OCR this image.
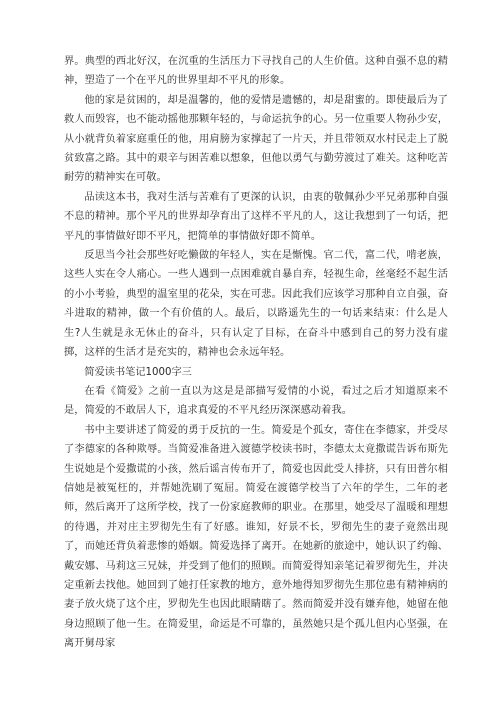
界。典型的西北好汉，在沉重的生活压力下寻找自己的人生价值。这种自强不息的精神，塑造了一个在平凡的世界里却不平凡的形象。

他的家是贫困的，却是温馨的，他的爱情是遗憾的，却是甜蜜的。即使最后为了救人而毁容，也不能动摇他那颗年轻的，与命运抗争的心。另一位重要人物孙少安，从小就背负着家庭重任的他，用肩膀为家撑起了一片天，并且带领双水村民走上了脱贫致富之路。其中的艰辛与困苦难以想象，但他以勇气与勤劳渡过了难关。这种吃苦耐劳的精神实在可敬。

品读这本书，我对生活与苦难有了更深的认识，由衷的敬佩孙少平兄弟那种自强不息的精神。那个平凡的世界却孕育出了这样不平凡的人，这让我想到了一句话，把平凡的事情做好即不平凡，把简单的事情做好即不简单。

反思当今社会那些好吃懒做的年轻人，实在是惭愧。官二代，富二代，啃老族，这些人实在令人痛心。一些人遇到一点困难就自暴自弃，轻视生命，丝毫经不起生活的小小考验，典型的温室里的花朵，实在可悲。因此我们应该学习那种自立自强，奋斗进取的精神，做一个有价值的人。最后，以路遥先生的一句话来结束：什么是人生?人生就是永无休止的奋斗，只有认定了目标，在奋斗中感到自己的努力没有虚掷，这样的生活才是充实的，精神也会永远年轻。

简爱读书笔记1000字三

在看《简爱》之前一直以为这是是部描写爱情的小说，看过之后才知道原来不是，简爱的不敢居人下，追求真爱的不平凡经历深深感动着我。

书中主要讲述了简爱的勇于反抗的一生。简爱是个孤女，寄住在李德家，并受尽了李德家的各种欺辱。当简爱准备进入渡德学校读书时，李德太太竟撒谎告诉布斯先生说她是个爱撒谎的小孩，然后谣言传布开了，简爱也因此受人排挤，只有田普尔相信她是被冤枉的，并帮她洗刷了冤屈。简爱在渡德学校当了六年的学生，二年的老师，然后离开了这所学校，找了一份家庭教师的职业。在那里，她受尽了温暖和理想的待遇，并对庄主罗彻先生有了好感。谁知，好景不长，罗彻先生的妻子竟然出现了，而她还背负着悲惨的婚姻。简爱选择了离开。在她新的旅途中，她认识了约翰、戴安娜、马莉这三兄妹，并受到了他们的照顾。而简爱得知亲笔记着罗彻先生，并决定重新去找他。她回到了她打任家教的地方，意外地得知罗彻先生那位患有精神病的妻子放火烧了这个庄，罗彻先生也因此眼睛瞎了。然而简爱并没有嫌弃他，她留在他身边照顾了他一生。在简爱里，命运是不可靠的，虽然她只是个孤儿但内心坚强，在离开舅母家
